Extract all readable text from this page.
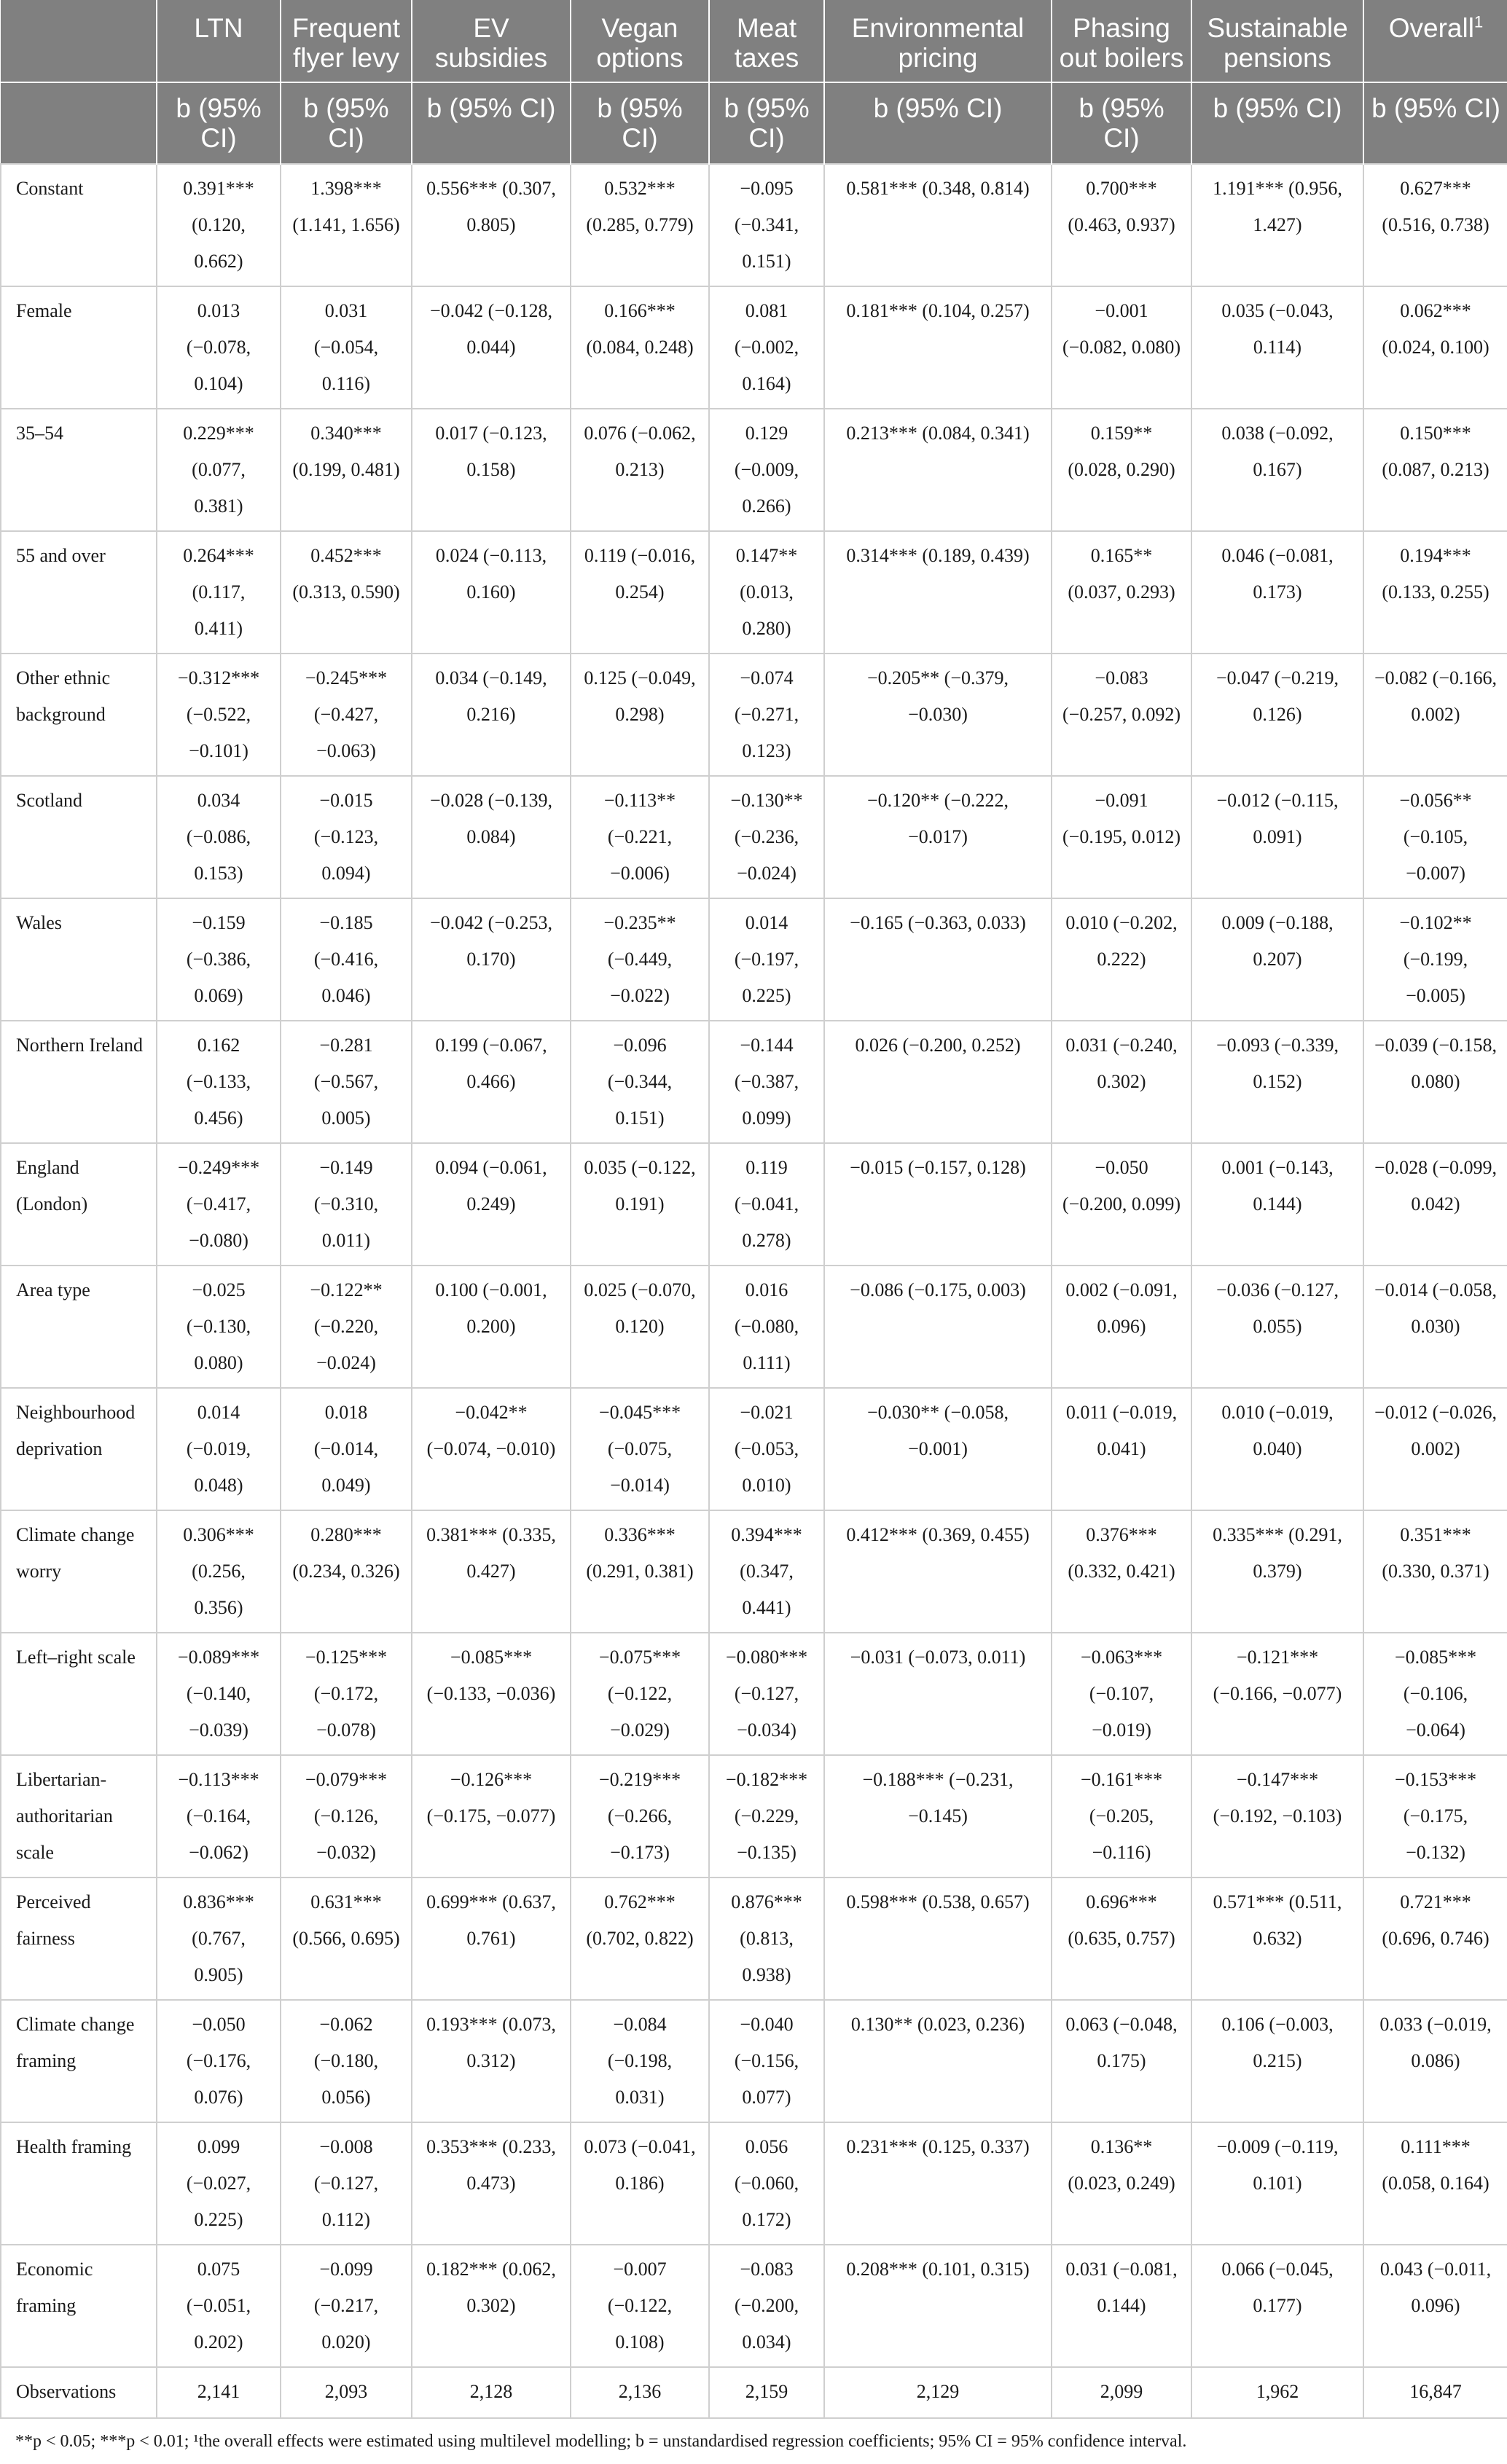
	LTN	Frequent flyer levy	EV subsidies	Vegan options	Meat taxes	Environmental pricing	Phasing out boilers	Sustainable pensions	Overall$^1$
	b (95% CI)	b (95% CI)	b (95% CI)	b (95% CI)	b (95% CI)	b (95% CI)	b (95% CI)	b (95% CI)	b (95% CI)
Constant	0.391*** (0.120, 0.662)	1.398*** (1.141, 1.656)	0.556*** (0.307, 0.805)	0.532*** (0.285, 0.779)	−0.095 (−0.341, 0.151)	0.581*** (0.348, 0.814)	0.700*** (0.463, 0.937)	1.191*** (0.956, 1.427)	0.627*** (0.516, 0.738)
Female	0.013 (−0.078, 0.104)	0.031 (−0.054, 0.116)	−0.042 (−0.128, 0.044)	0.166*** (0.084, 0.248)	0.081 (−0.002, 0.164)	0.181*** (0.104, 0.257)	−0.001 (−0.082, 0.080)	0.035 (−0.043, 0.114)	0.062*** (0.024, 0.100)
35–54	0.229*** (0.077, 0.381)	0.340*** (0.199, 0.481)	0.017 (−0.123, 0.158)	0.076 (−0.062, 0.213)	0.129 (−0.009, 0.266)	0.213*** (0.084, 0.341)	0.159** (0.028, 0.290)	0.038 (−0.092, 0.167)	0.150*** (0.087, 0.213)
55 and over	0.264*** (0.117, 0.411)	0.452*** (0.313, 0.590)	0.024 (−0.113, 0.160)	0.119 (−0.016, 0.254)	0.147** (0.013, 0.280)	0.314*** (0.189, 0.439)	0.165** (0.037, 0.293)	0.046 (−0.081, 0.173)	0.194*** (0.133, 0.255)
Other ethnic background	−0.312*** (−0.522, −0.101)	−0.245*** (−0.427, −0.063)	0.034 (−0.149, 0.216)	0.125 (−0.049, 0.298)	−0.074 (−0.271, 0.123)	−0.205** (−0.379, −0.030)	−0.083 (−0.257, 0.092)	−0.047 (−0.219, 0.126)	−0.082 (−0.166, 0.002)
Scotland	0.034 (−0.086, 0.153)	−0.015 (−0.123, 0.094)	−0.028 (−0.139, 0.084)	−0.113** (−0.221, −0.006)	−0.130** (−0.236, −0.024)	−0.120** (−0.222, −0.017)	−0.091 (−0.195, 0.012)	−0.012 (−0.115, 0.091)	−0.056** (−0.105, −0.007)
Wales	−0.159 (−0.386, 0.069)	−0.185 (−0.416, 0.046)	−0.042 (−0.253, 0.170)	−0.235** (−0.449, −0.022)	0.014 (−0.197, 0.225)	−0.165 (−0.363, 0.033)	0.010 (−0.202, 0.222)	0.009 (−0.188, 0.207)	−0.102** (−0.199, −0.005)
Northern Ireland	0.162 (−0.133, 0.456)	−0.281 (−0.567, 0.005)	0.199 (−0.067, 0.466)	−0.096 (−0.344, 0.151)	−0.144 (−0.387, 0.099)	0.026 (−0.200, 0.252)	0.031 (−0.240, 0.302)	−0.093 (−0.339, 0.152)	−0.039 (−0.158, 0.080)
England (London)	−0.249*** (−0.417, −0.080)	−0.149 (−0.310, 0.011)	0.094 (−0.061, 0.249)	0.035 (−0.122, 0.191)	0.119 (−0.041, 0.278)	−0.015 (−0.157, 0.128)	−0.050 (−0.200, 0.099)	0.001 (−0.143, 0.144)	−0.028 (−0.099, 0.042)
Area type	−0.025 (−0.130, 0.080)	−0.122** (−0.220, −0.024)	0.100 (−0.001, 0.200)	0.025 (−0.070, 0.120)	0.016 (−0.080, 0.111)	−0.086 (−0.175, 0.003)	0.002 (−0.091, 0.096)	−0.036 (−0.127, 0.055)	−0.014 (−0.058, 0.030)
Neighbourhood deprivation	0.014 (−0.019, 0.048)	0.018 (−0.014, 0.049)	−0.042** (−0.074, −0.010)	−0.045*** (−0.075, −0.014)	−0.021 (−0.053, 0.010)	−0.030** (−0.058, −0.001)	0.011 (−0.019, 0.041)	0.010 (−0.019, 0.040)	−0.012 (−0.026, 0.002)
Climate change worry	0.306*** (0.256, 0.356)	0.280*** (0.234, 0.326)	0.381*** (0.335, 0.427)	0.336*** (0.291, 0.381)	0.394*** (0.347, 0.441)	0.412*** (0.369, 0.455)	0.376*** (0.332, 0.421)	0.335*** (0.291, 0.379)	0.351*** (0.330, 0.371)
Left–right scale	−0.089*** (−0.140, −0.039)	−0.125*** (−0.172, −0.078)	−0.085*** (−0.133, −0.036)	−0.075*** (−0.122, −0.029)	−0.080*** (−0.127, −0.034)	−0.031 (−0.073, 0.011)	−0.063*** (−0.107, −0.019)	−0.121*** (−0.166, −0.077)	−0.085*** (−0.106, −0.064)
Libertarian-authoritarian scale	−0.113*** (−0.164, −0.062)	−0.079*** (−0.126, −0.032)	−0.126*** (−0.175, −0.077)	−0.219*** (−0.266, −0.173)	−0.182*** (−0.229, −0.135)	−0.188*** (−0.231, −0.145)	−0.161*** (−0.205, −0.116)	−0.147*** (−0.192, −0.103)	−0.153*** (−0.175, −0.132)
Perceived fairness	0.836*** (0.767, 0.905)	0.631*** (0.566, 0.695)	0.699*** (0.637, 0.761)	0.762*** (0.702, 0.822)	0.876*** (0.813, 0.938)	0.598*** (0.538, 0.657)	0.696*** (0.635, 0.757)	0.571*** (0.511, 0.632)	0.721*** (0.696, 0.746)
Climate change framing	−0.050 (−0.176, 0.076)	−0.062 (−0.180, 0.056)	0.193*** (0.073, 0.312)	−0.084 (−0.198, 0.031)	−0.040 (−0.156, 0.077)	0.130** (0.023, 0.236)	0.063 (−0.048, 0.175)	0.106 (−0.003, 0.215)	0.033 (−0.019, 0.086)
Health framing	0.099 (−0.027, 0.225)	−0.008 (−0.127, 0.112)	0.353*** (0.233, 0.473)	0.073 (−0.041, 0.186)	0.056 (−0.060, 0.172)	0.231*** (0.125, 0.337)	0.136** (0.023, 0.249)	−0.009 (−0.119, 0.101)	0.111*** (0.058, 0.164)
Economic framing	0.075 (−0.051, 0.202)	−0.099 (−0.217, 0.020)	0.182*** (0.062, 0.302)	−0.007 (−0.122, 0.108)	−0.083 (−0.200, 0.034)	0.208*** (0.101, 0.315)	0.031 (−0.081, 0.144)	0.066 (−0.045, 0.177)	0.043 (−0.011, 0.096)
Observations	2,141	2,093	2,128	2,136	2,159	2,129	2,099	1,962	16,847
**p < 0.05; ***p < 0.01; ¹the overall effects were estimated using multilevel modelling; b = unstandardised regression coefficients; 95% CI = 95% confidence interval.									
